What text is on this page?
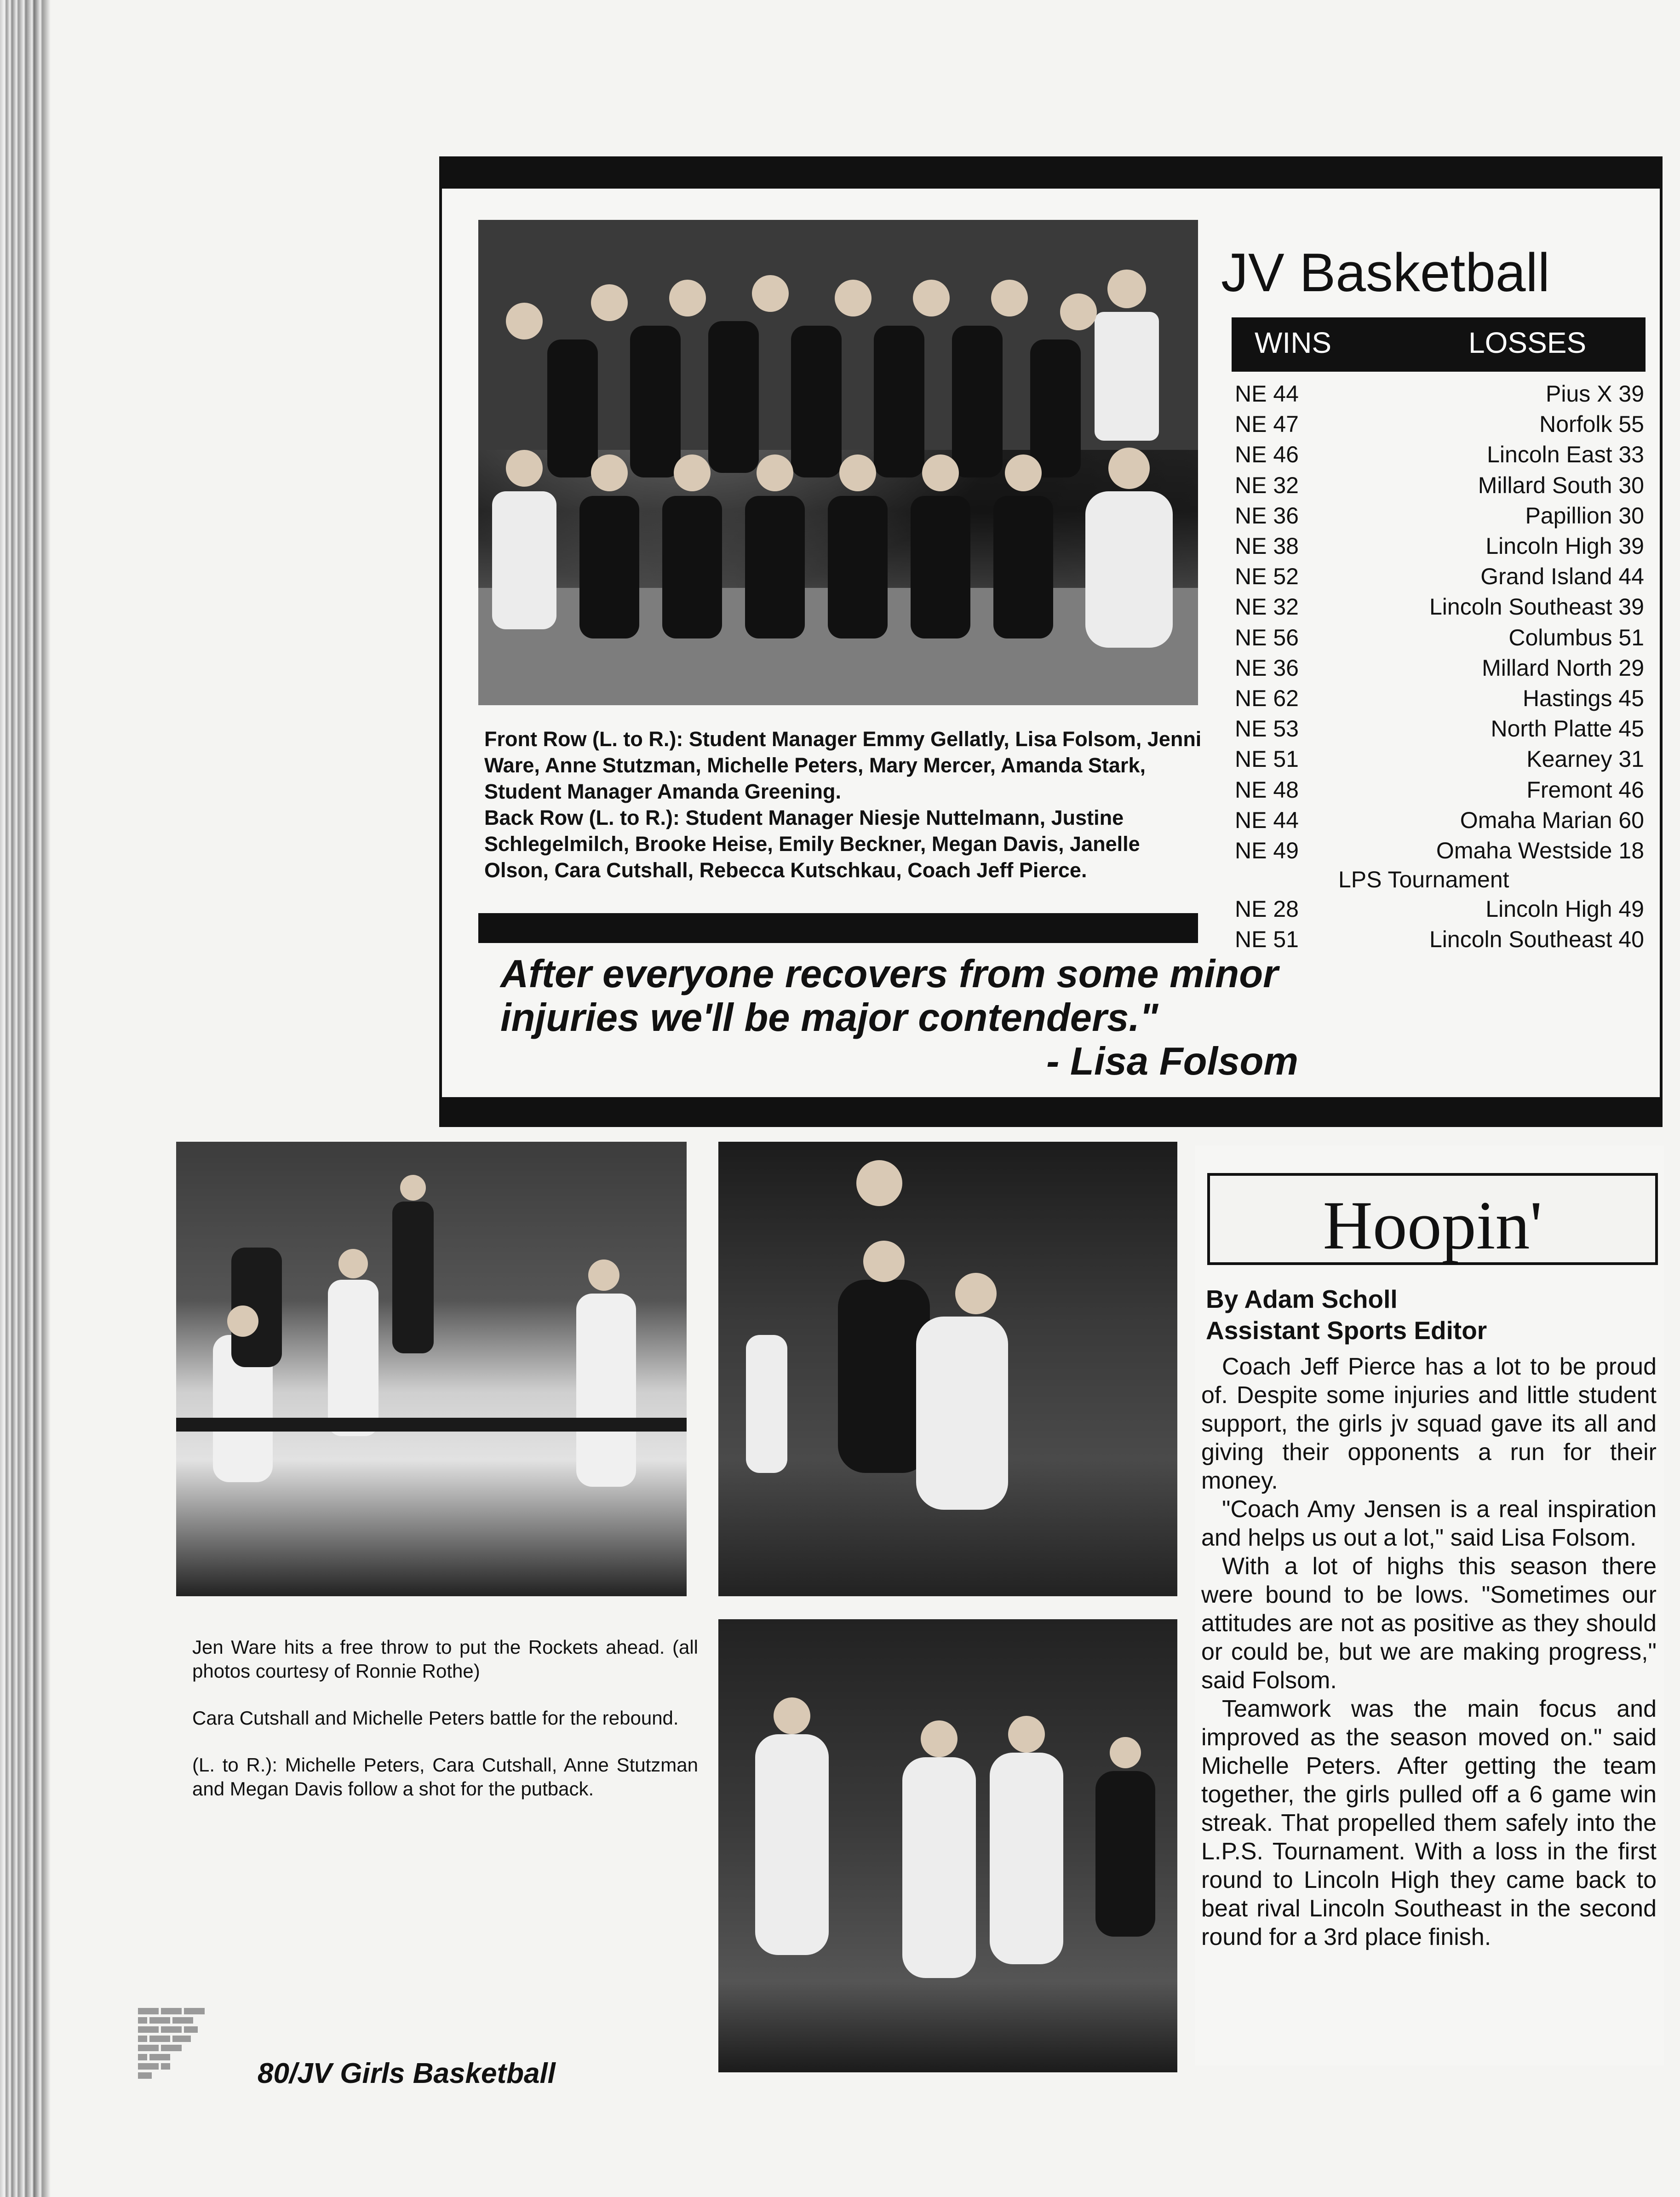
JV Basketball
WINS	LOSSES
NE 44	Pius X 39
NE 47	Norfolk 55
NE 46	Lincoln East 33
NE 32	Millard South 30
NE 36	Papillion 30
NE 38	Lincoln High 39
NE 52	Grand Island 44
NE 32	Lincoln Southeast 39
NE 56	Columbus 51
NE 36	Millard North 29
NE 62	Hastings 45
NE 53	North Platte 45
NE 51	Kearney 31
NE 48	Fremont 46
NE 44	Omaha Marian 60
NE 49	Omaha Westside 18
NE 28	Lincoln High 49
NE 51	Lincoln Southeast 40
LPS Tournament
Front Row (L. to R.): Student Manager Emmy Gellatly, Lisa Folsom, Jenni Ware, Anne Stutzman, Michelle Peters, Mary Mercer, Amanda Stark, Student Manager Amanda Greening.
Back Row (L. to R.): Student Manager Niesje Nuttelmann, Justine Schlegelmilch, Brooke Heise, Emily Beckner, Megan Davis, Janelle Olson, Cara Cutshall, Rebecca Kutschkau, Coach Jeff Pierce.
After everyone recovers from some minor injuries we'll be major contenders."
- Lisa Folsom
Hoopin'
By Adam Scholl
Assistant Sports Editor

Coach Jeff Pierce has a lot to be proud of. Despite some injuries and little student support, the girls jv squad gave its all and giving their opponents a run for their money.

"Coach Amy Jensen is a real inspiration and helps us out a lot," said Lisa Folsom.

With a lot of highs this season there were bound to be lows. "Sometimes our attitudes are not as positive as they should or could be, but we are making progress," said Folsom.

Teamwork was the main focus and improved as the season moved on." said Michelle Peters. After getting the team together, the girls pulled off a 6 game win streak. That propelled them safely into the L.P.S. Tournament. With a loss in the first round to Lincoln High they came back to beat rival Lincoln Southeast in the second round for a 3rd place finish.

Jen Ware hits a free throw to put the Rockets ahead. (all photos courtesy of Ronnie Rothe)

Cara Cutshall and Michelle Peters battle for the rebound.

(L. to R.): Michelle Peters, Cara Cutshall, Anne Stutzman and Megan Davis follow a shot for the putback.

80/JV Girls Basketball
